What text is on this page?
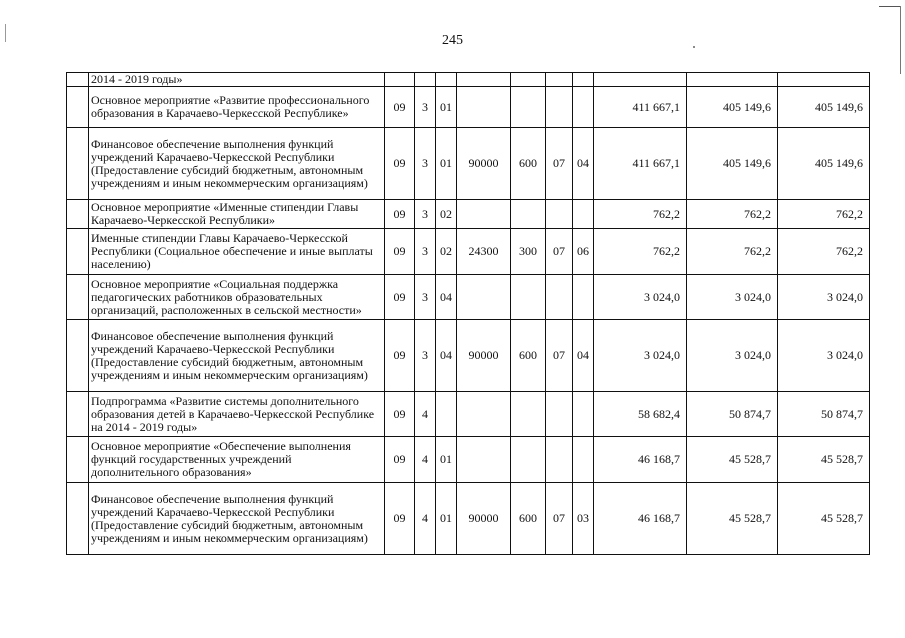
245
	2014 - 2019 годы»										
	Основное мероприятие «Развитие профессионального образования в Карачаево-Черкесской Республике»	09	3	01					411 667,1	405 149,6	405 149,6
	Финансовое обеспечение выполнения функций учреждений Карачаево-Черкесской Республики (Предоставление субсидий бюджетным, автономным учреждениям и иным некоммерческим организациям)	09	3	01	90000	600	07	04	411 667,1	405 149,6	405 149,6
	Основное мероприятие «Именные стипендии Главы Карачаево-Черкесской Республики»	09	3	02					762,2	762,2	762,2
	Именные стипендии Главы Карачаево-Черкесской Республики (Социальное обеспечение и иные выплаты населению)	09	3	02	24300	300	07	06	762,2	762,2	762,2
	Основное мероприятие «Социальная поддержка педагогических работников образовательных организаций, расположенных в сельской местности»	09	3	04					3 024,0	3 024,0	3 024,0
	Финансовое обеспечение выполнения функций учреждений Карачаево-Черкесской Республики (Предоставление субсидий бюджетным, автономным учреждениям и иным некоммерческим организациям)	09	3	04	90000	600	07	04	3 024,0	3 024,0	3 024,0
	Подпрограмма «Развитие системы дополнительного образования детей в Карачаево-Черкесской Республике на 2014 - 2019 годы»	09	4						58 682,4	50 874,7	50 874,7
	Основное мероприятие «Обеспечение выполнения функций государственных учреждений дополнительного образования»	09	4	01					46 168,7	45 528,7	45 528,7
	Финансовое обеспечение выполнения функций учреждений Карачаево-Черкесской Республики (Предоставление субсидий бюджетным, автономным учреждениям и иным некоммерческим организациям)	09	4	01	90000	600	07	03	46 168,7	45 528,7	45 528,7
